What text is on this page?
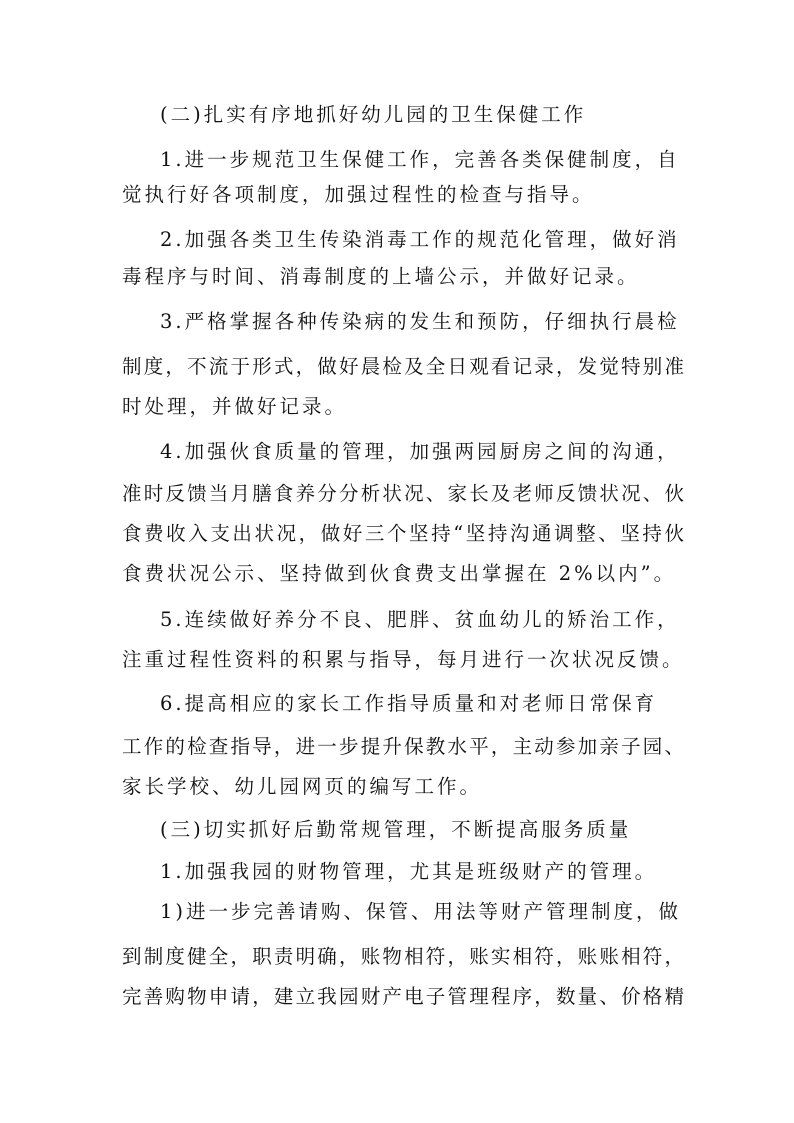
(二)扎实有序地抓好幼儿园的卫生保健工作
1.进一步规范卫生保健工作，完善各类保健制度，自
觉执行好各项制度，加强过程性的检查与指导。
2.加强各类卫生传染消毒工作的规范化管理，做好消
毒程序与时间、消毒制度的上墙公示，并做好记录。
3.严格掌握各种传染病的发生和预防，仔细执行晨检
制度，不流于形式，做好晨检及全日观看记录，发觉特别准
时处理，并做好记录。
4.加强伙食质量的管理，加强两园厨房之间的沟通，
准时反馈当月膳食养分分析状况、家长及老师反馈状况、伙
食费收入支出状况，做好三个坚持“坚持沟通调整、坚持伙
食费状况公示、坚持做到伙食费支出掌握在 2%以内”。
5.连续做好养分不良、肥胖、贫血幼儿的矫治工作，
注重过程性资料的积累与指导，每月进行一次状况反馈。
6.提高相应的家长工作指导质量和对老师日常保育
工作的检查指导，进一步提升保教水平，主动参加亲子园、
家长学校、幼儿园网页的编写工作。
(三)切实抓好后勤常规管理，不断提高服务质量
1.加强我园的财物管理，尤其是班级财产的管理。
1)进一步完善请购、保管、用法等财产管理制度，做
到制度健全，职责明确，账物相符，账实相符，账账相符，
完善购物申请，建立我园财产电子管理程序，数量、价格精
